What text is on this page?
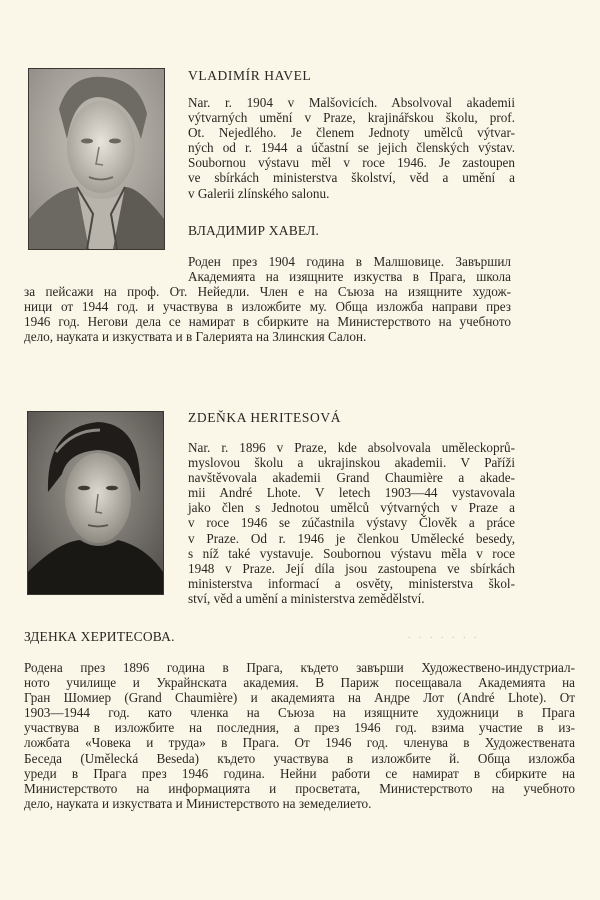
VLADIMÍR HAVEL
Nar. r. 1904 v Malšovicích. Absolvoval akademii
výtvarných umění v Praze, krajinářskou školu, prof.
Ot. Nejedlého. Je členem Jednoty umělců výtvar-
ných od r. 1944 a účastní se jejich členských výstav.
Soubornou výstavu měl v roce 1946. Je zastoupen
ve sbírkách ministerstva školství, věd a umění a
v Galerii zlínského salonu.
ВЛАДИМИР ХАВЕЛ.
Роден през 1904 година в Малшовице. Завършил
Академията на изящните изкуства в Прага, школа
за пейсажи на проф. От. Нейедли. Член е на Съюза на изящните худож-
ници от 1944 год. и участвува в изложбите му. Обща изложба направи през
1946 год. Негови дела се намират в сбирките на Министерството на учебното
дело, науката и изкуствата и в Галерията на Злинския Салон.
ZDEŇKA HERITESOVÁ
Nar. r. 1896 v Praze, kde absolvovala uměleckoprů-
myslovou školu a ukrajinskou akademii. V Paříži
navštěvovala akademii Grand Chaumière a akade-
mii André Lhote. V letech 1903—44 vystavovala
jako člen s Jednotou umělců výtvarných v Praze a
v roce 1946 se zúčastnila výstavy Člověk a práce
v Praze. Od r. 1946 je členkou Umělecké besedy,
s níž také vystavuje. Soubornou výstavu měla v roce
1948 v Praze. Její díla jsou zastoupena ve sbírkách
ministerstva informací a osvěty, ministerstva škol-
ství, věd a umění a ministerstva zemědělství.
ЗДЕНКА ХЕРИТЕСОВА.	. . . . . . .
Родена през 1896 година в Прага, където завърши Художествено-индустриал-
ното училище и Украйнската академия. В Париж посещавала Академията на
Гран Шомиер (Grand Chaumière) и академията на Андре Лот (André Lhote). От
1903—1944 год. като членка на Съюза на изящните художници в Прага
участвува в изложбите на последния, а през 1946 год. взима участие в из-
ложбата «Човека и труда» в Прага. От 1946 год. членува в Художествената
Беседа (Umělecká Beseda) където участвува в изложбите й. Обща изложба
уреди в Прага през 1946 година. Нейни работи се намират в сбирките на
Министерството на информацията и просветата, Министерството на учебното
дело, науката и изкуствата и Министерството на земеделието.
